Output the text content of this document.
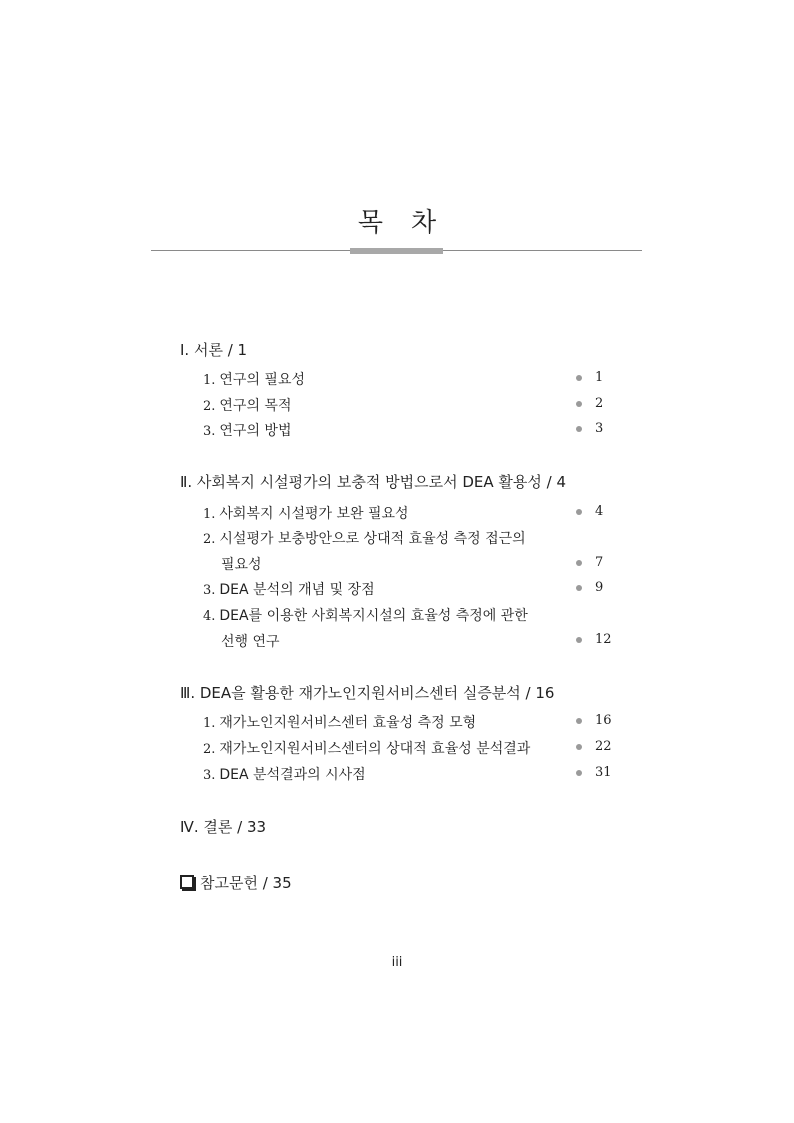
목 차
Ⅰ. 서론 / 1
1. 연구의 필요성	1
2. 연구의 목적	2
3. 연구의 방법	3
Ⅱ. 사회복지 시설평가의 보충적 방법으로서 DEA 활용성 / 4
1. 사회복지 시설평가 보완 필요성	4
2. 시설평가 보충방안으로 상대적 효율성 측정 접근의
필요성	7
3. DEA 분석의 개념 및 장점	9
4. DEA를 이용한 사회복지시설의 효율성 측정에 관한
선행 연구	12
Ⅲ. DEA을 활용한 재가노인지원서비스센터 실증분석 / 16
1. 재가노인지원서비스센터 효율성 측정 모형	16
2. 재가노인지원서비스센터의 상대적 효율성 분석결과	22
3. DEA 분석결과의 시사점	31
Ⅳ. 결론 / 33
참고문헌 / 35
iii
